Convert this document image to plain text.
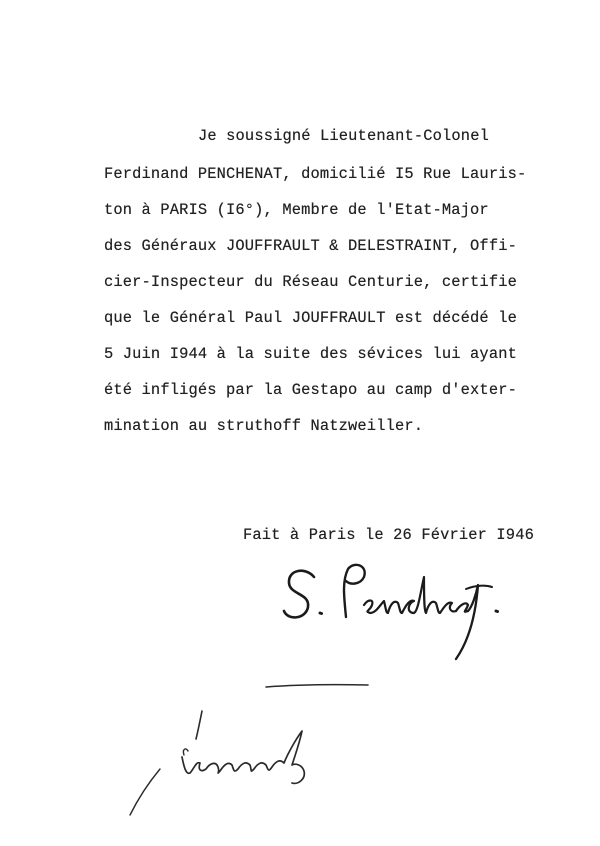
Je soussigné Lieutenant-Colonel
Ferdinand PENCHENAT, domicilié I5 Rue Lauris-
ton à PARIS (I6°), Membre de l'Etat-Major
des Généraux JOUFFRAULT & DELESTRAINT, Offi-
cier-Inspecteur du Réseau Centurie, certifie
que le Général Paul JOUFFRAULT est décédé le
5 Juin I944 à la suite des sévices lui ayant
été infligés par la Gestapo au camp d'exter-
mination au struthoff Natzweiller.
Fait à Paris le 26 Février I946
